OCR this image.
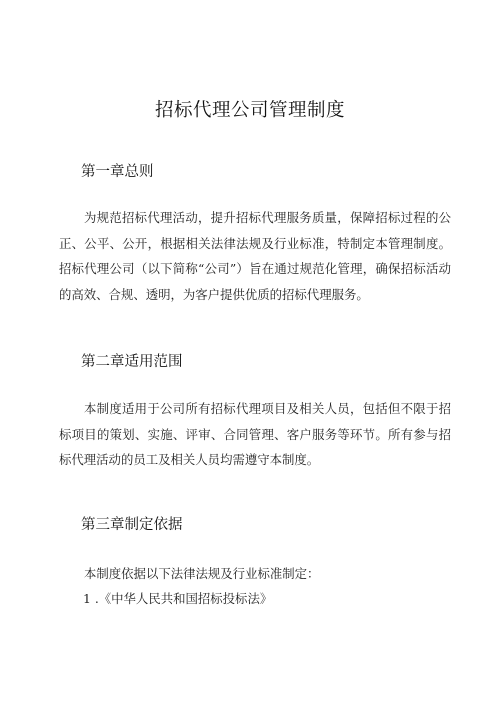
招标代理公司管理制度
第一章总则
为规范招标代理活动，提升招标代理服务质量，保障招标过程的公正、公平、公开，根据相关法律法规及行业标准，特制定本管理制度。招标代理公司（以下简称“公司”）旨在通过规范化管理，确保招标活动的高效、合规、透明，为客户提供优质的招标代理服务。
第二章适用范围
本制度适用于公司所有招标代理项目及相关人员，包括但不限于招标项目的策划、实施、评审、合同管理、客户服务等环节。所有参与招标代理活动的员工及相关人员均需遵守本制度。
第三章制定依据
本制度依据以下法律法规及行业标准制定：
1 .《中华人民共和国招标投标法》
